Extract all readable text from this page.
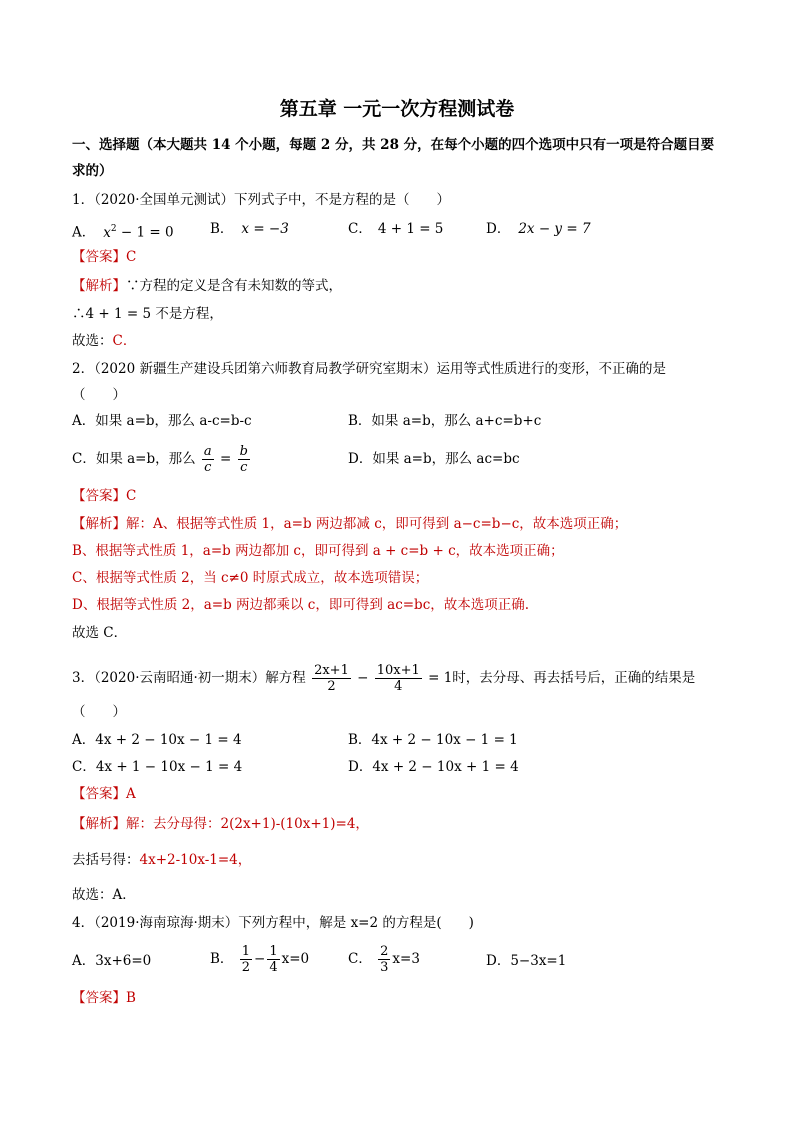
第五章 一元一次方程测试卷
一、选择题（本大题共 14 个小题，每题 2 分，共 28 分，在每个小题的四个选项中只有一项是符合题目要
求的）
1．（2020·全国单元测试）下列式子中，不是方程的是（　　）
A． $x^2 - 1 = 0$	B． x = −3	C． 4 + 1 = 5	D． 2x − y = 7
【答案】C
【解析】∵方程的定义是含有未知数的等式，
∴4 + 1 = 5 不是方程，
故选：C．
2．（2020 新疆生产建设兵团第六师教育局教学研究室期末）运用等式性质进行的变形，不正确的是
（　　）
A．如果 a=b，那么 a-c=b-c	B．如果 a=b，那么 a+c=b+c
C．如果 a=b，那么 $\frac{a}{c} = \frac{b}{c}$	D．如果 a=b，那么 ac=bc
【答案】C
【解析】解：A、根据等式性质 1，a=b 两边都减 c，即可得到 a−c=b−c，故本选项正确；
B、根据等式性质 1，a=b 两边都加 c，即可得到 a + c=b + c，故本选项正确；
C、根据等式性质 2，当 c≠0 时原式成立，故本选项错误；
D、根据等式性质 2，a=b 两边都乘以 c，即可得到 ac=bc，故本选项正确.
故选 C．
3．（2020·云南昭通·初一期末）解方程 $\frac{2x+1}{2} - \frac{10x+1}{4} = 1$时，去分母、再去括号后，正确的结果是
（　　）
A．4x + 2 − 10x − 1 = 4	B．4x + 2 − 10x − 1 = 1
C．4x + 1 − 10x − 1 = 4	D．4x + 2 − 10x + 1 = 4
【答案】A
【解析】解：去分母得：2(2x+1)-(10x+1)=4，
去括号得：4x+2-10x-1=4，
故选：A．
4．（2019·海南琼海·期末）下列方程中，解是 x=2 的方程是(　　)
A．3x+6=0	B． $\frac{1}{2} - \frac{1}{4} x=0$	C． $\frac{2}{3} x=3$	D．5−3x=1
【答案】B
